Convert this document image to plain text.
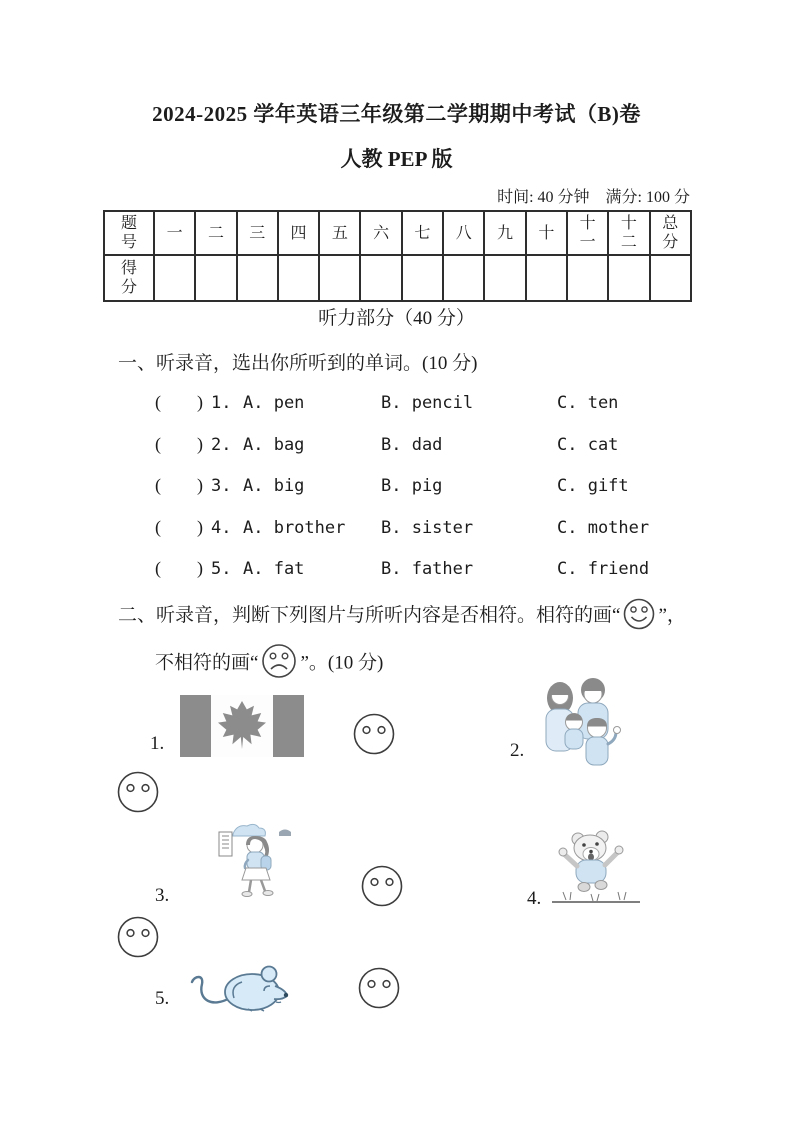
2024-2025 学年英语三年级第二学期期中考试（B)卷
人教 PEP 版
时间: 40 分钟　满分: 100 分
题号	一	二	三	四	五	六	七	八	九	十	十一	十二	总分
得分													
听力部分（40 分）
一、听录音，选出你所听到的单词。(10 分)
(　　) 1. A. pen	B. pencil	C. ten
(　　) 2. A. bag	B. dad	C. cat
(　　) 3. A. big	B. pig	C. gift
(　　) 4. A. brother	B. sister	C. mother
(　　) 5. A. fat	B. father	C. friend
二、听录音，判断下列图片与所听内容是否相符。相符的画“ ”，
不相符的画“ ”。(10 分)
1.	2.
3.	4.
5.
